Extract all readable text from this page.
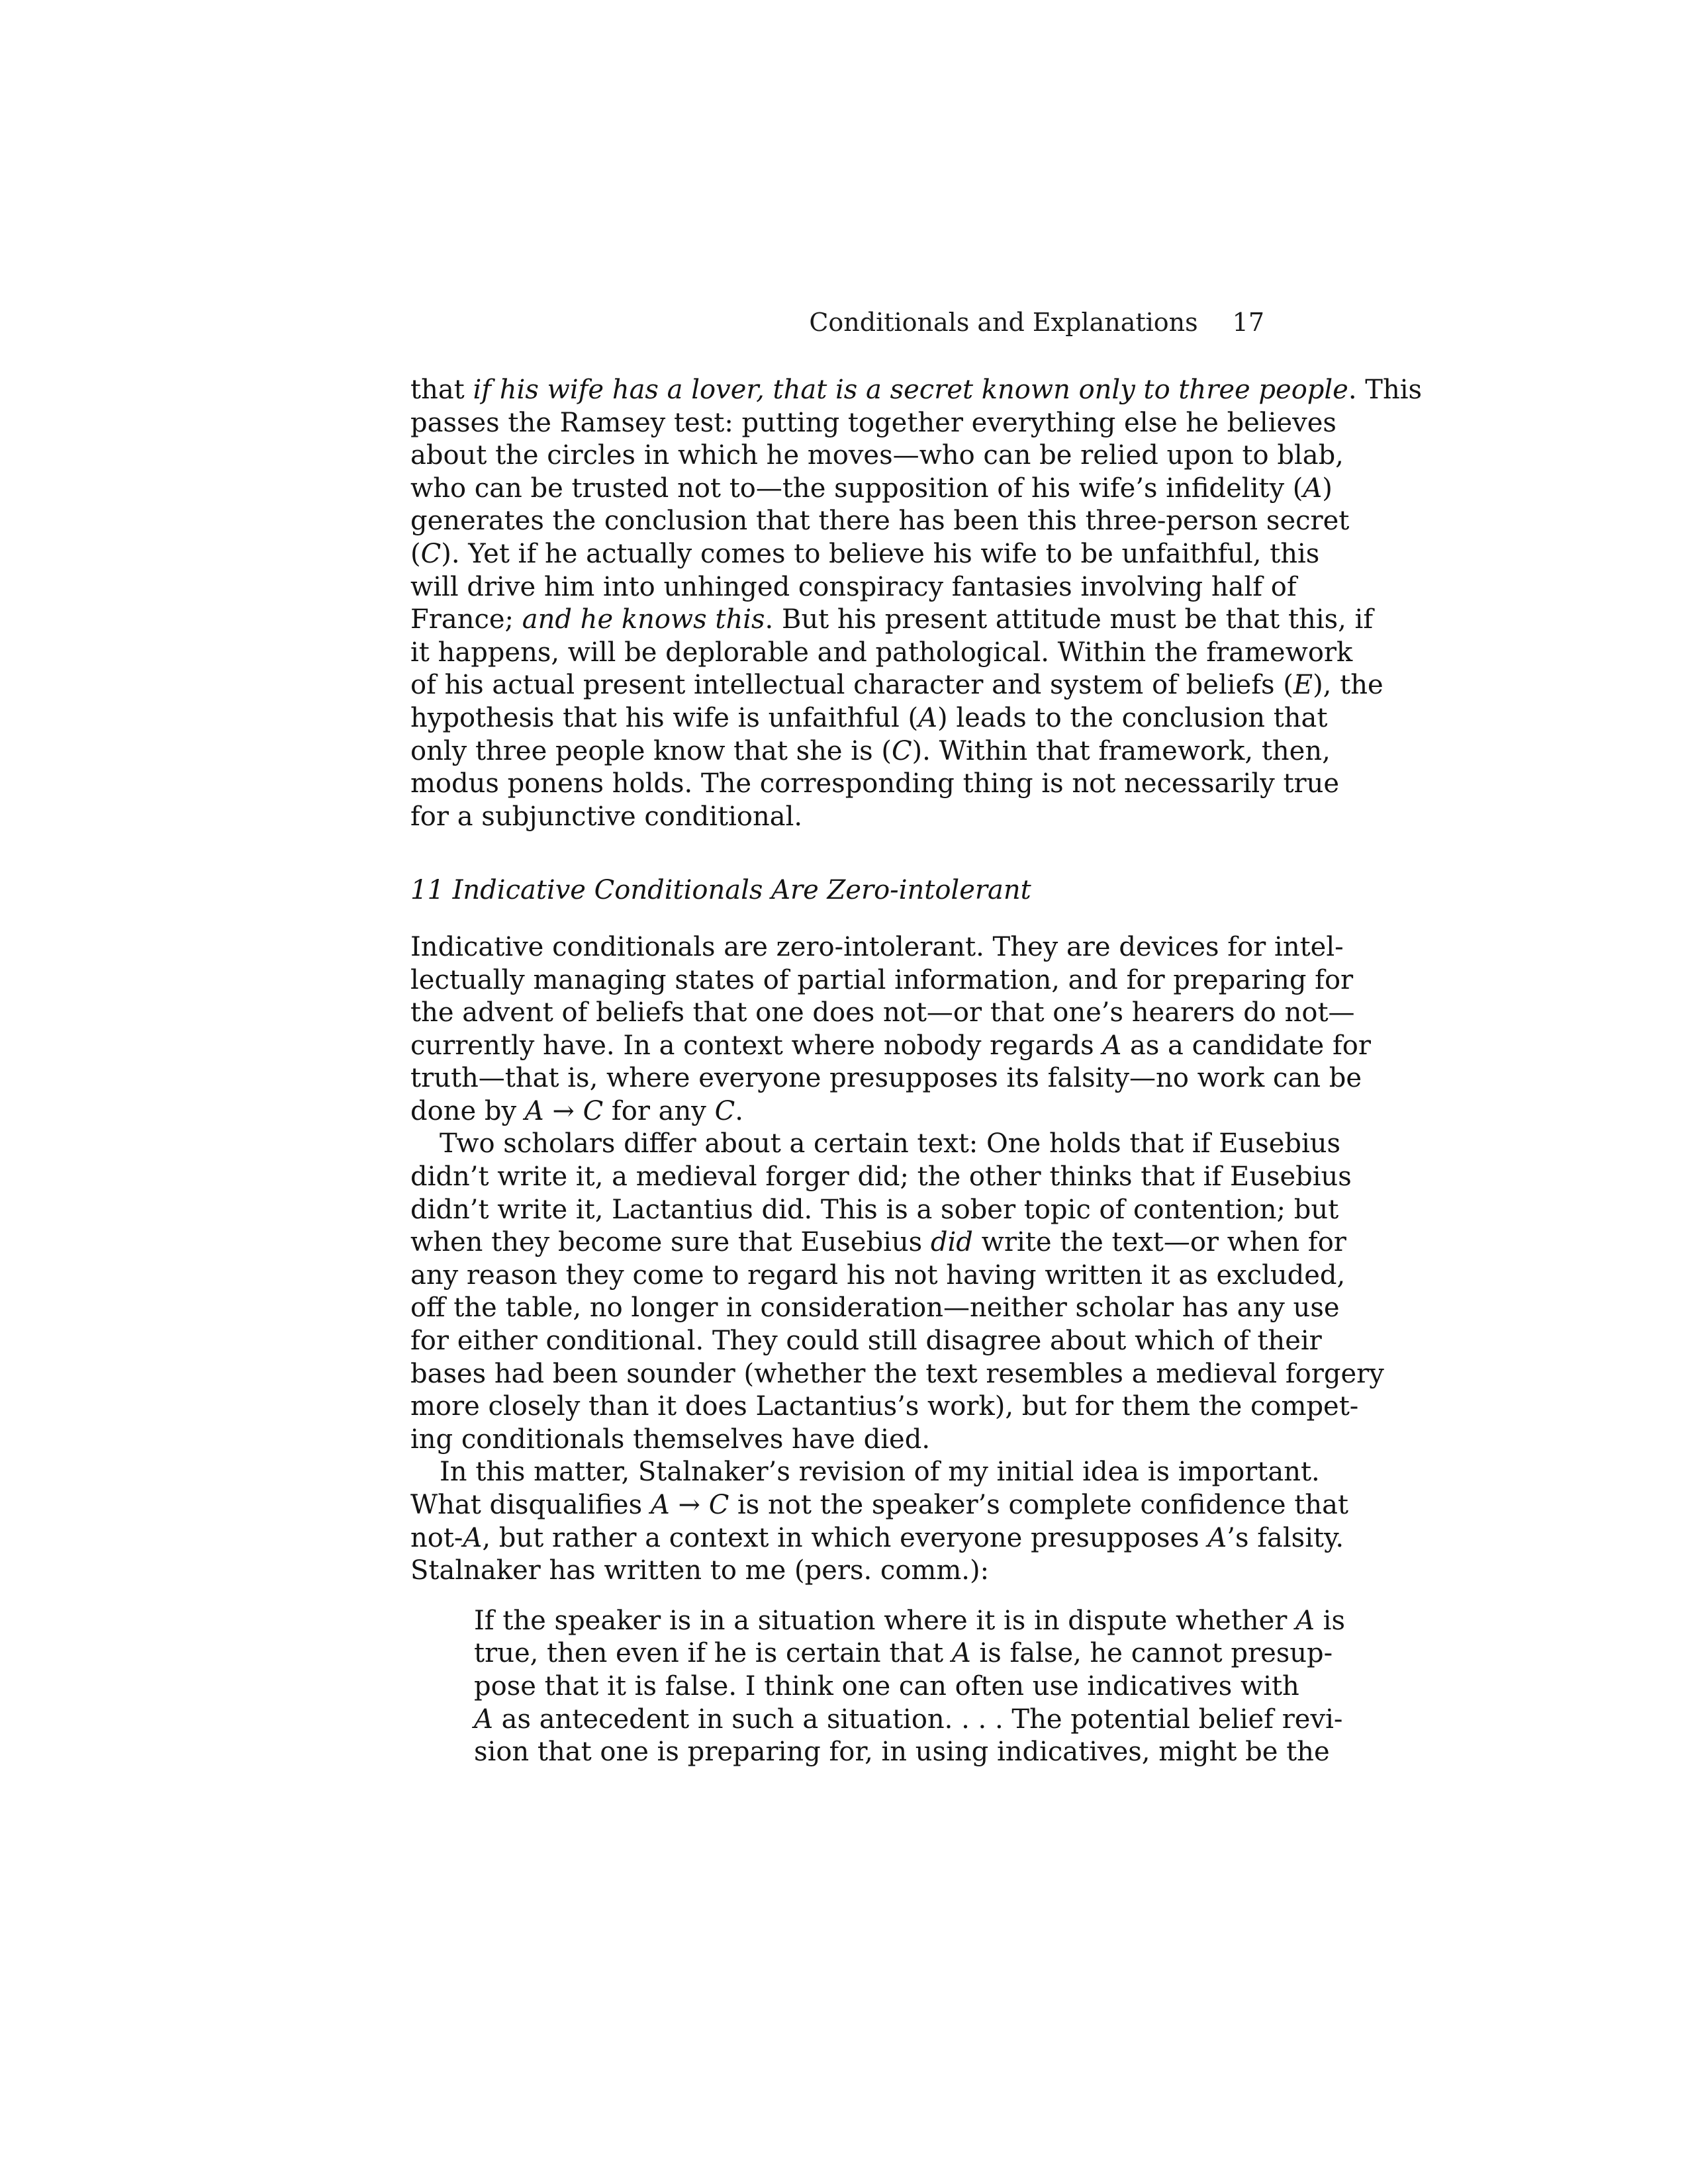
Conditionals and Explanations 17
that if his wife has a lover, that is a secret known only to three people. This
passes the Ramsey test: putting together everything else he believes
about the circles in which he moves—who can be relied upon to blab,
who can be trusted not to—the supposition of his wife’s infidelity (A)
generates the conclusion that there has been this three-person secret
(C). Yet if he actually comes to believe his wife to be unfaithful, this
will drive him into unhinged conspiracy fantasies involving half of
France; and he knows this. But his present attitude must be that this, if
it happens, will be deplorable and pathological. Within the framework
of his actual present intellectual character and system of beliefs (E), the
hypothesis that his wife is unfaithful (A) leads to the conclusion that
only three people know that she is (C). Within that framework, then,
modus ponens holds. The corresponding thing is not necessarily true
for a subjunctive conditional.
11 Indicative Conditionals Are Zero-intolerant
Indicative conditionals are zero-intolerant. They are devices for intel-
lectually managing states of partial information, and for preparing for
the advent of beliefs that one does not—or that one’s hearers do not—
currently have. In a context where nobody regards A as a candidate for
truth—that is, where everyone presupposes its falsity—no work can be
done by A → C for any C.
Two scholars differ about a certain text: One holds that if Eusebius
didn’t write it, a medieval forger did; the other thinks that if Eusebius
didn’t write it, Lactantius did. This is a sober topic of contention; but
when they become sure that Eusebius did write the text—or when for
any reason they come to regard his not having written it as excluded,
off the table, no longer in consideration—neither scholar has any use
for either conditional. They could still disagree about which of their
bases had been sounder (whether the text resembles a medieval forgery
more closely than it does Lactantius’s work), but for them the compet-
ing conditionals themselves have died.
In this matter, Stalnaker’s revision of my initial idea is important.
What disqualifies A → C is not the speaker’s complete confidence that
not-A, but rather a context in which everyone presupposes A’s falsity.
Stalnaker has written to me (pers. comm.):
If the speaker is in a situation where it is in dispute whether A is
true, then even if he is certain that A is false, he cannot presup-
pose that it is false. I think one can often use indicatives with
A as antecedent in such a situation. . . . The potential belief revi-
sion that one is preparing for, in using indicatives, might be the
